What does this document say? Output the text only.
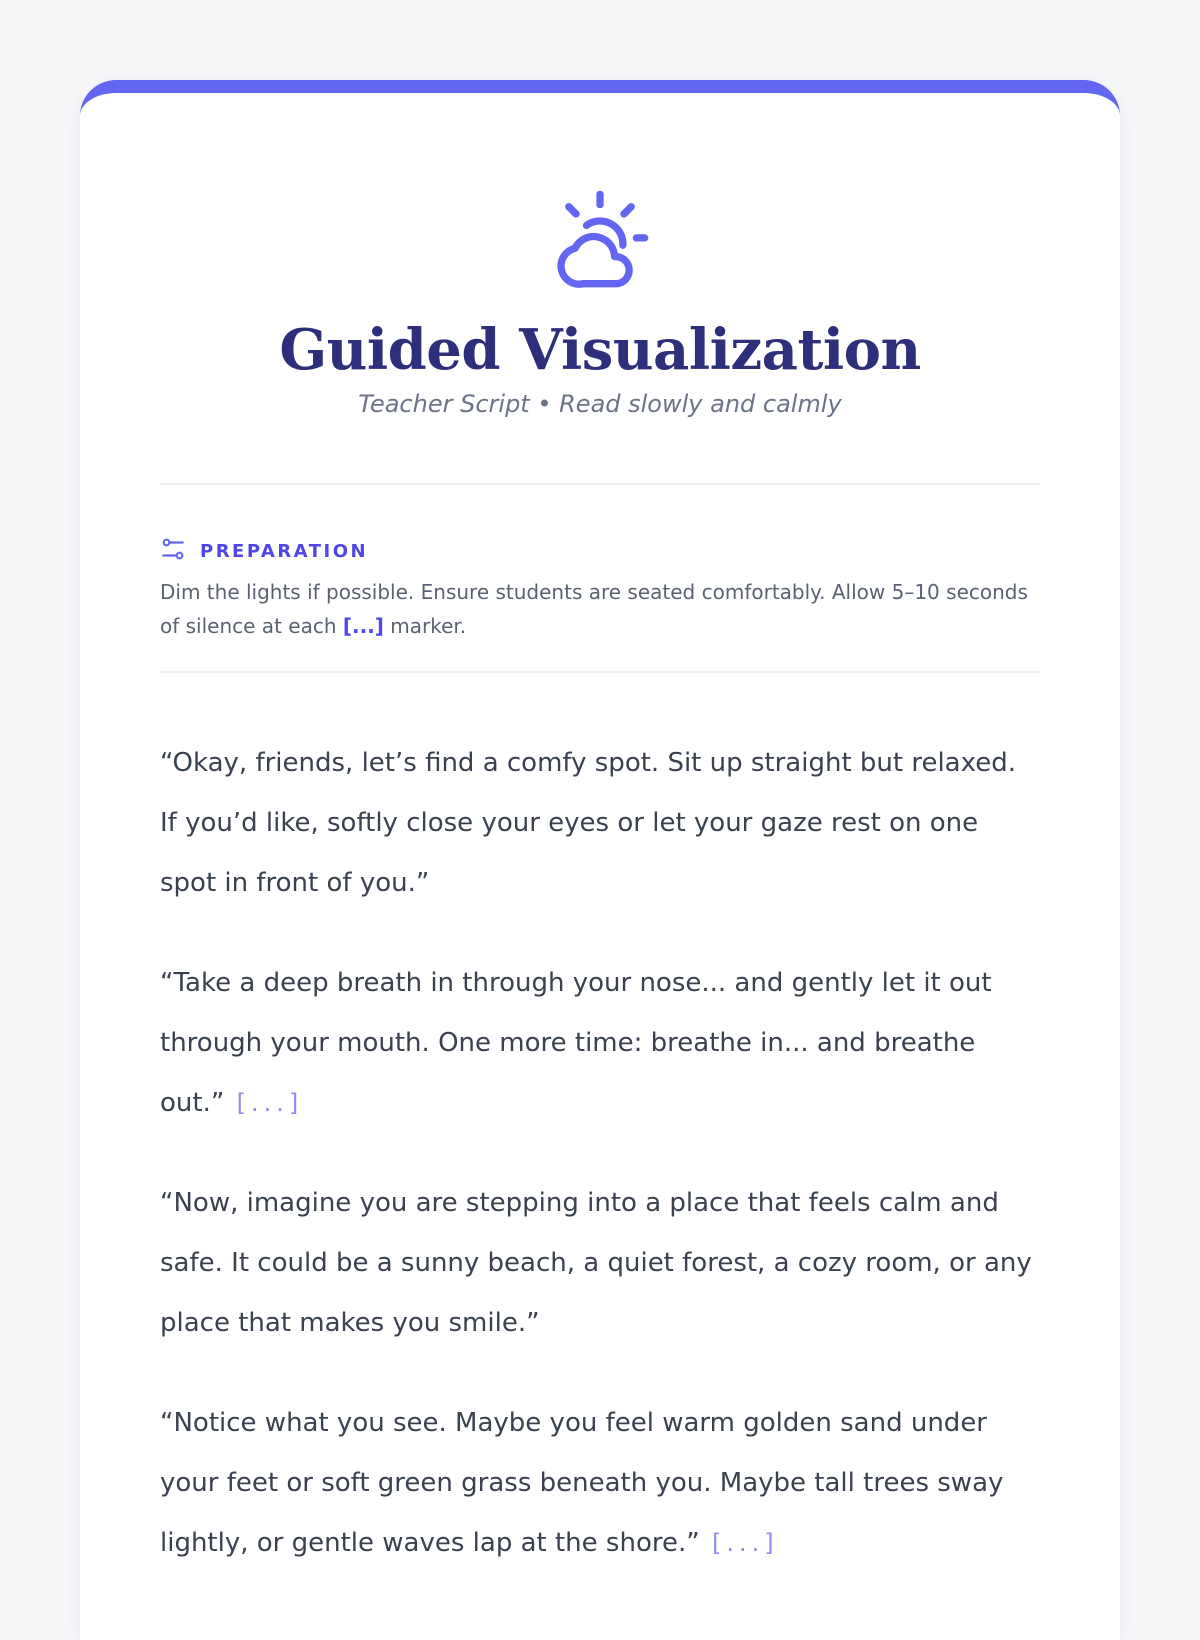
Guided Visualization

Teacher Script • Read slowly and calmly

PREPARATION

Dim the lights if possible. Ensure students are seated comfortably. Allow 5–10 seconds of silence at each [...] marker.

“Okay, friends, let’s find a comfy spot. Sit up straight but relaxed. If you’d like, softly close your eyes or let your gaze rest on one spot in front of you.”

“Take a deep breath in through your nose... and gently let it out through your mouth. One more time: breathe in... and breathe out.” [...]

“Now, imagine you are stepping into a place that feels calm and safe. It could be a sunny beach, a quiet forest, a cozy room, or any place that makes you smile.”

“Notice what you see. Maybe you feel warm golden sand under your feet or soft green grass beneath you. Maybe tall trees sway lightly, or gentle waves lap at the shore.” [...]
